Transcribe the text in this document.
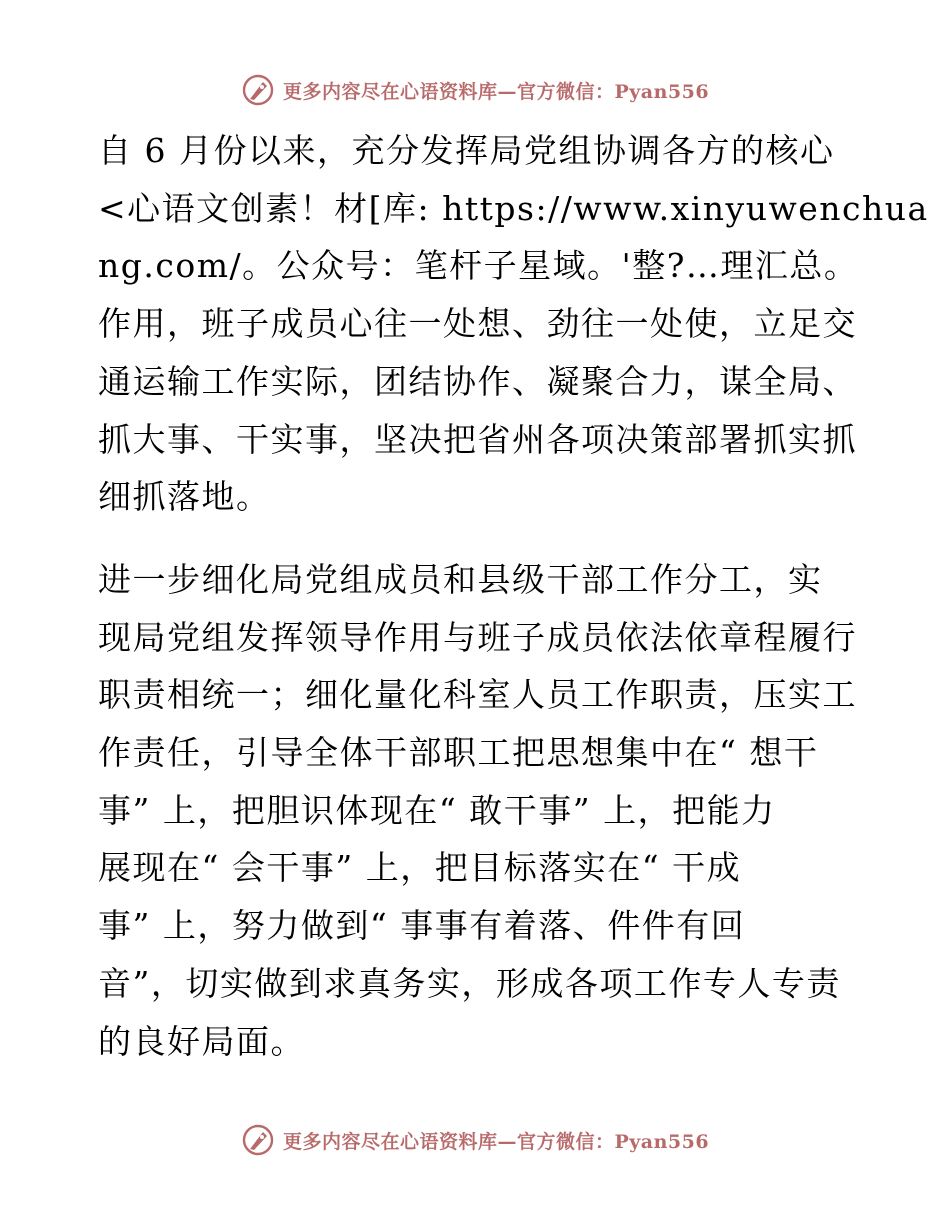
更多内容尽在心语资料库—官方微信：Pyan556

自 6 月份以来，充分发挥局党组协调各方的核心
<心语文创素！材[库: https://www.xinyuwenchua
ng.com/。公众号：笔杆子星域。'整?…理汇总。
作用，班子成员心往一处想、劲往一处使，立足交
通运输工作实际，团结协作、凝聚合力，谋全局、
抓大事、干实事，坚决把省州各项决策部署抓实抓
细抓落地。

进一步细化局党组成员和县级干部工作分工，实
现局党组发挥领导作用与班子成员依法依章程履行
职责相统一；细化量化科室人员工作职责，压实工
作责任，引导全体干部职工把思想集中在“ 想干
事” 上，把胆识体现在“ 敢干事” 上，把能力
展现在“ 会干事” 上，把目标落实在“ 干成
事” 上，努力做到“ 事事有着落、件件有回
音”，切实做到求真务实，形成各项工作专人专责
的良好局面。

更多内容尽在心语资料库—官方微信：Pyan556
